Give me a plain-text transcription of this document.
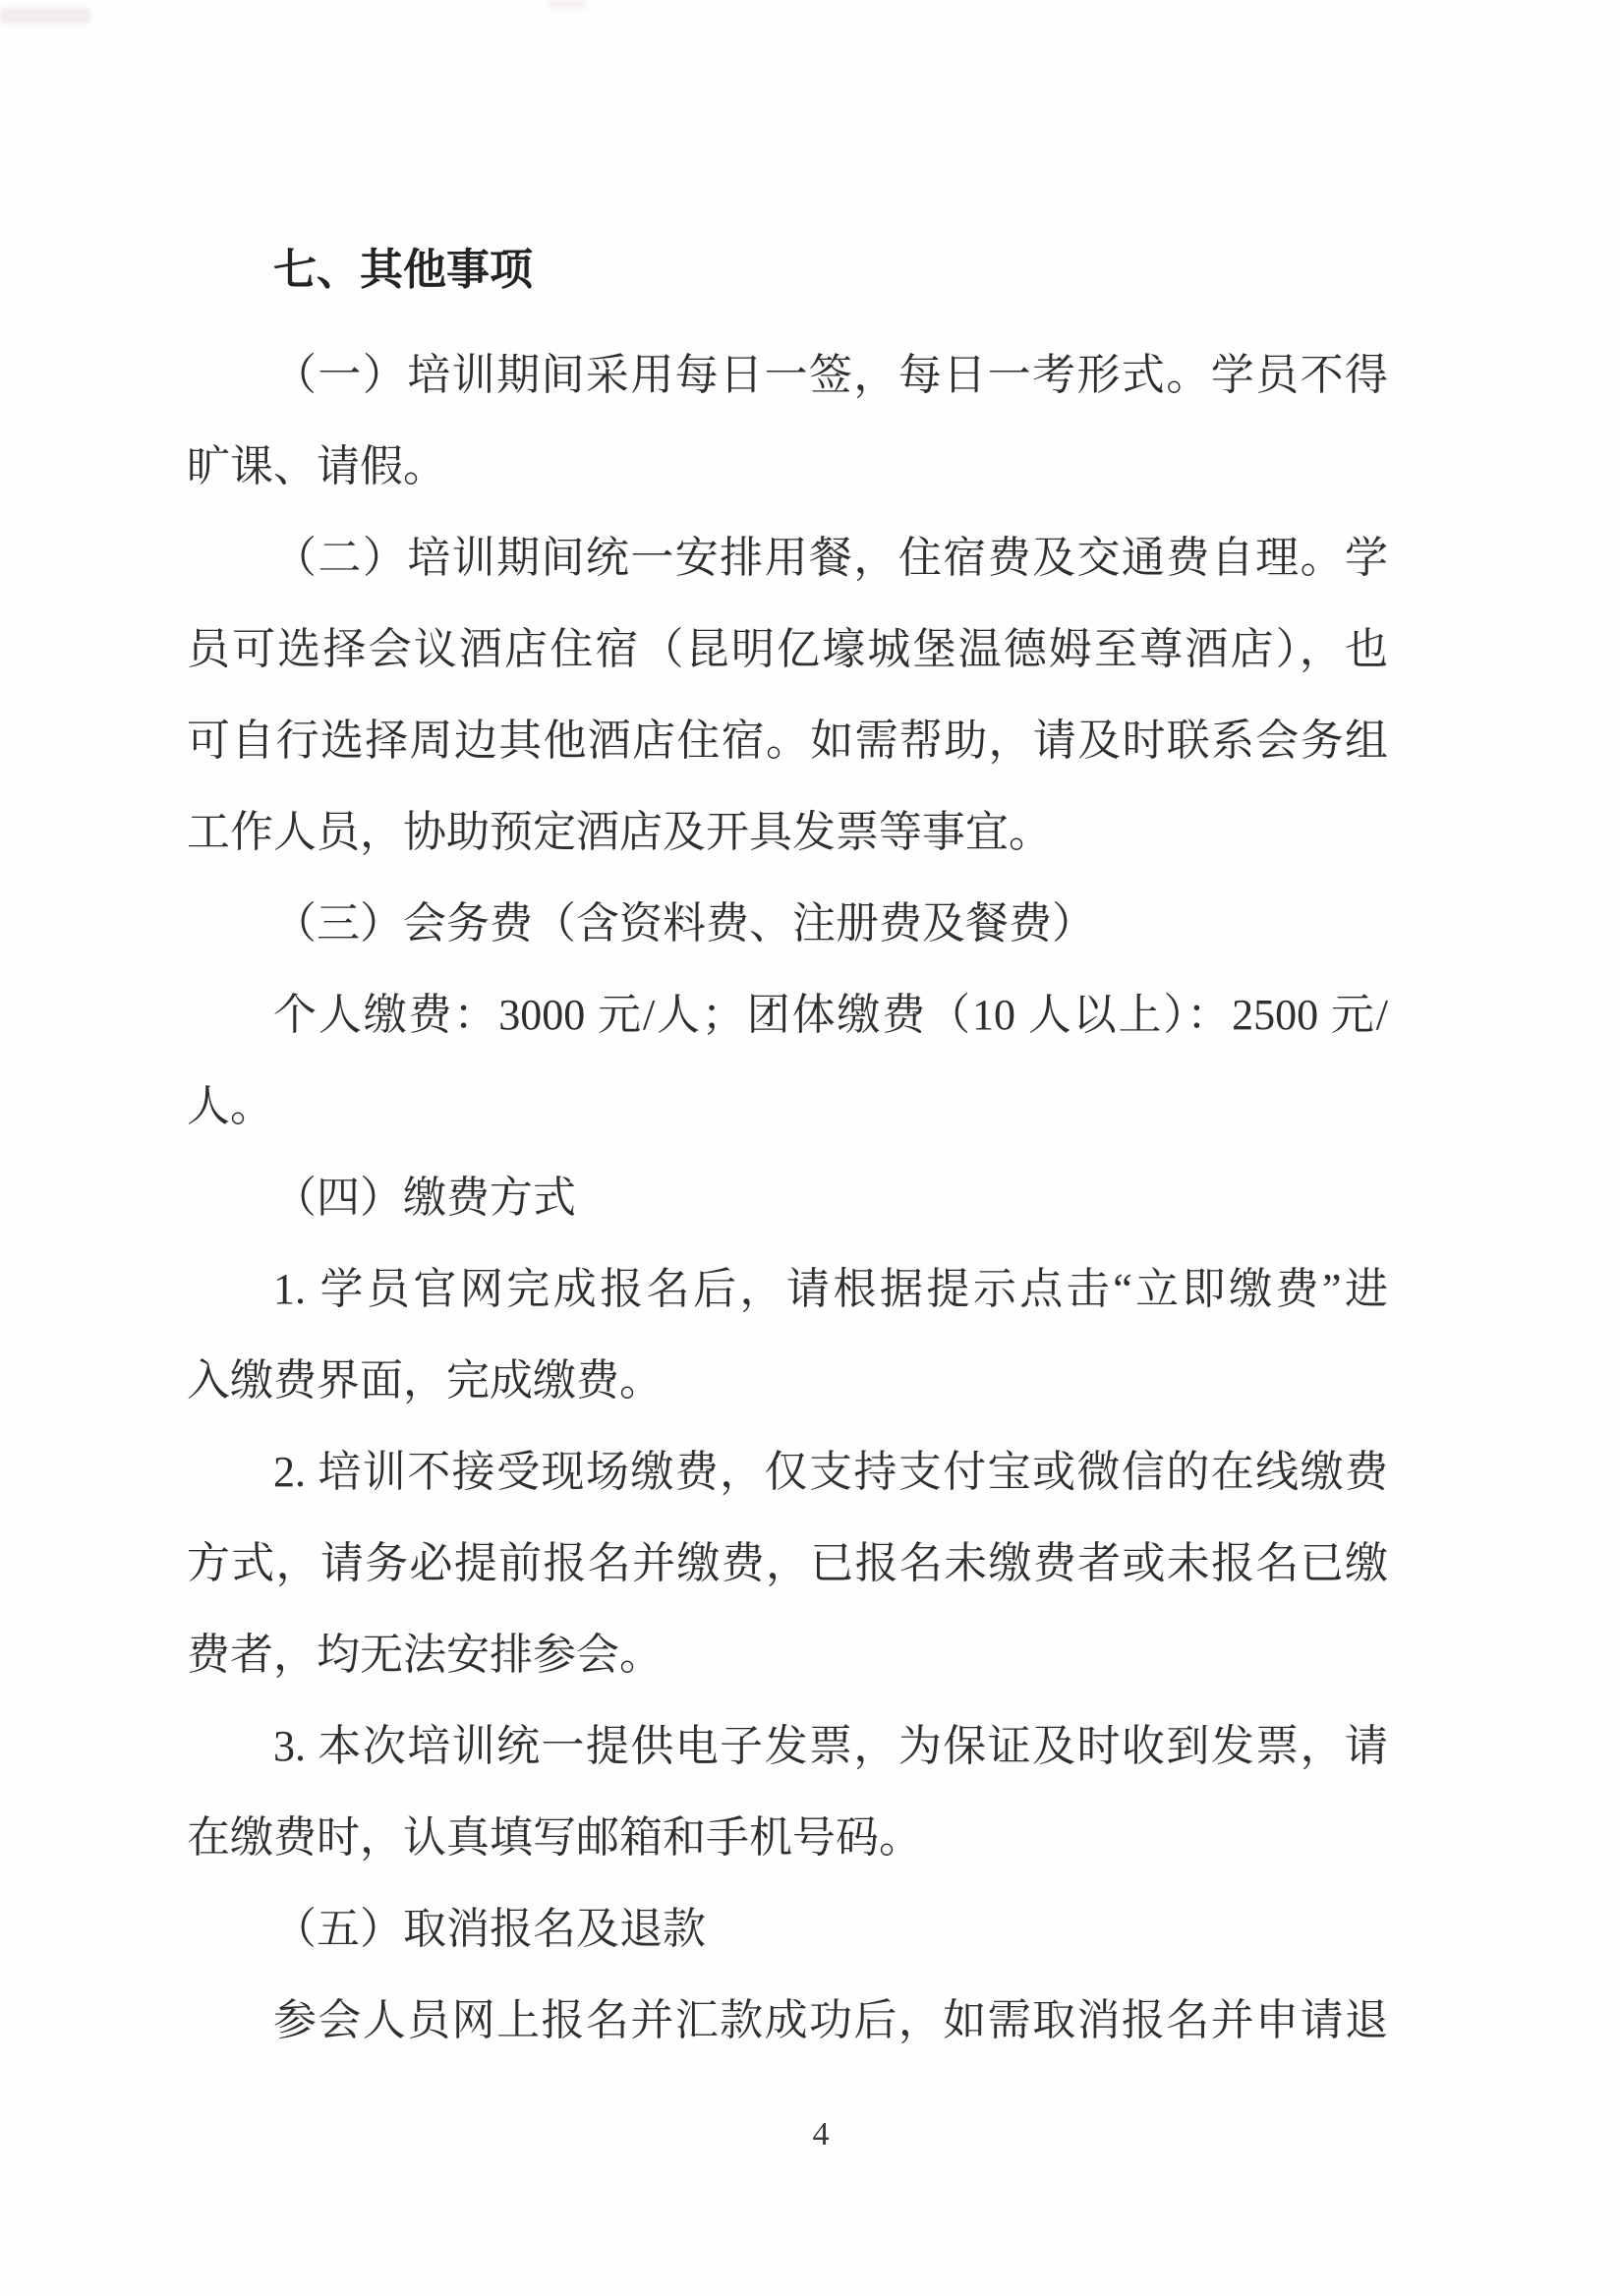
七、其他事项
（一）培训期间采用每日一签，每日一考形式。学员不得
旷课、请假。
（二）培训期间统一安排用餐，住宿费及交通费自理。学
员可选择会议酒店住宿（昆明亿壕城堡温德姆至尊酒店），也
可自行选择周边其他酒店住宿。如需帮助，请及时联系会务组
工作人员，协助预定酒店及开具发票等事宜。
（三）会务费（含资料费、注册费及餐费）
个人缴费：3000 元/人；团体缴费（10 人以上）：2500 元/
人。
（四）缴费方式
1. 学员官网完成报名后，请根据提示点击“立即缴费”进
入缴费界面，完成缴费。
2. 培训不接受现场缴费，仅支持支付宝或微信的在线缴费
方式，请务必提前报名并缴费，已报名未缴费者或未报名已缴
费者，均无法安排参会。
3. 本次培训统一提供电子发票，为保证及时收到发票，请
在缴费时，认真填写邮箱和手机号码。
（五）取消报名及退款
参会人员网上报名并汇款成功后，如需取消报名并申请退
4
